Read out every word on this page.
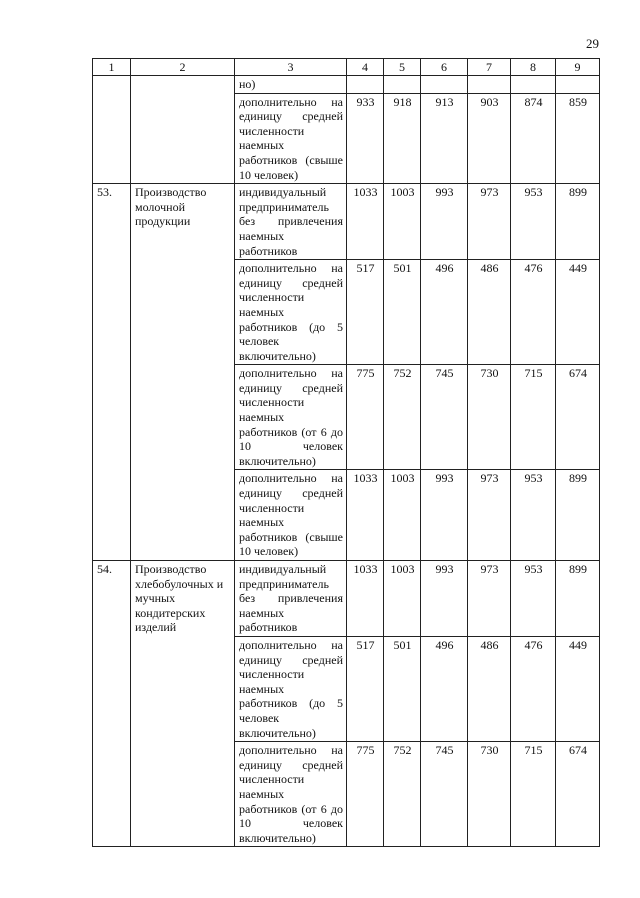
29
1	2	3	4	5	6	7	8	9
		но)						
		дополнительно на единицу средней численности наемных работников (свыше 10 человек)	933	918	913	903	874	859
53.	Производство молочной продукции	индивидуальный предприниматель без привлечения наемных работников	1033	1003	993	973	953	899
		дополнительно на единицу средней численности наемных работников (до 5 человек включительно)	517	501	496	486	476	449
		дополнительно на единицу средней численности наемных работников (от 6 до 10 человек включительно)	775	752	745	730	715	674
		дополнительно на единицу средней численности наемных работников (свыше 10 человек)	1033	1003	993	973	953	899
54.	Производство хлебобулочных и мучных кондитерских изделий	индивидуальный предприниматель без привлечения наемных работников	1033	1003	993	973	953	899
		дополнительно на единицу средней численности наемных работников (до 5 человек включительно)	517	501	496	486	476	449
		дополнительно на единицу средней численности наемных работников (от 6 до 10 человек включительно)	775	752	745	730	715	674
